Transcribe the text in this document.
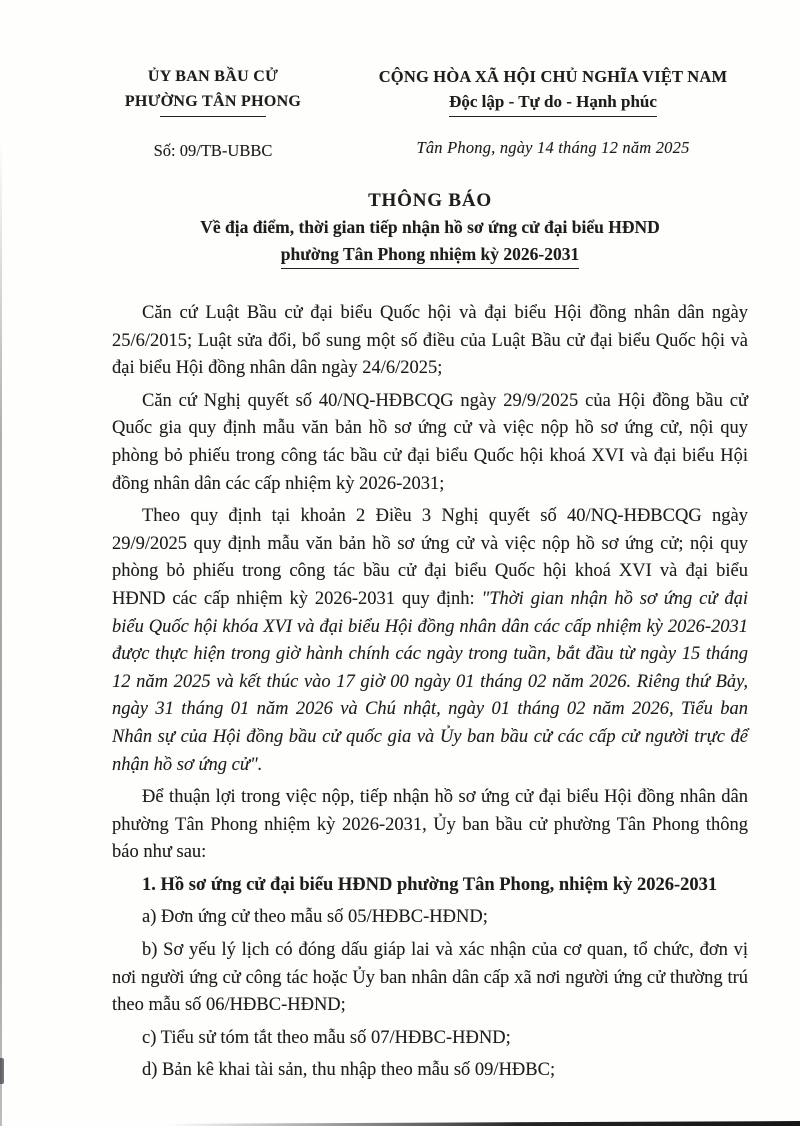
ỦY BAN BẦU CỬ
PHƯỜNG TÂN PHONG
Số: 09/TB-UBBC
CỘNG HÒA XÃ HỘI CHỦ NGHĨA VIỆT NAM
Độc lập - Tự do - Hạnh phúc
Tân Phong, ngày 14 tháng 12 năm 2025
THÔNG BÁO
Về địa điểm, thời gian tiếp nhận hồ sơ ứng cử đại biểu HĐND
phường Tân Phong nhiệm kỳ 2026-2031

Căn cứ Luật Bầu cử đại biểu Quốc hội và đại biểu Hội đồng nhân dân ngày 25/6/2015; Luật sửa đổi, bổ sung một số điều của Luật Bầu cử đại biểu Quốc hội và đại biểu Hội đồng nhân dân ngày 24/6/2025;

Căn cứ Nghị quyết số 40/NQ-HĐBCQG ngày 29/9/2025 của Hội đồng bầu cử Quốc gia quy định mẫu văn bản hồ sơ ứng cử và việc nộp hồ sơ ứng cử, nội quy phòng bỏ phiếu trong công tác bầu cử đại biểu Quốc hội khoá XVI và đại biểu Hội đồng nhân dân các cấp nhiệm kỳ 2026-2031;

Theo quy định tại khoản 2 Điều 3 Nghị quyết số 40/NQ-HĐBCQG ngày 29/9/2025 quy định mẫu văn bản hồ sơ ứng cử và việc nộp hồ sơ ứng cử; nội quy phòng bỏ phiếu trong công tác bầu cử đại biểu Quốc hội khoá XVI và đại biểu HĐND các cấp nhiệm kỳ 2026-2031 quy định: "Thời gian nhận hồ sơ ứng cử đại biểu Quốc hội khóa XVI và đại biểu Hội đồng nhân dân các cấp nhiệm kỳ 2026-2031 được thực hiện trong giờ hành chính các ngày trong tuần, bắt đầu từ ngày 15 tháng 12 năm 2025 và kết thúc vào 17 giờ 00 ngày 01 tháng 02 năm 2026. Riêng thứ Bảy, ngày 31 tháng 01 năm 2026 và Chú nhật, ngày 01 tháng 02 năm 2026, Tiểu ban Nhân sự của Hội đồng bầu cử quốc gia và Ủy ban bầu cử các cấp cử người trực để nhận hồ sơ ứng cử".

Để thuận lợi trong việc nộp, tiếp nhận hồ sơ ứng cử đại biểu Hội đồng nhân dân phường Tân Phong nhiệm kỳ 2026-2031, Ủy ban bầu cử phường Tân Phong thông báo như sau:

1. Hồ sơ ứng cử đại biểu HĐND phường Tân Phong, nhiệm kỳ 2026-2031

a) Đơn ứng cử theo mẫu số 05/HĐBC-HĐND;

b) Sơ yếu lý lịch có đóng dấu giáp lai và xác nhận của cơ quan, tổ chức, đơn vị nơi người ứng cử công tác hoặc Ủy ban nhân dân cấp xã nơi người ứng cử thường trú theo mẫu số 06/HĐBC-HĐND;

c) Tiểu sử tóm tắt theo mẫu số 07/HĐBC-HĐND;

d) Bản kê khai tài sản, thu nhập theo mẫu số 09/HĐBC;
